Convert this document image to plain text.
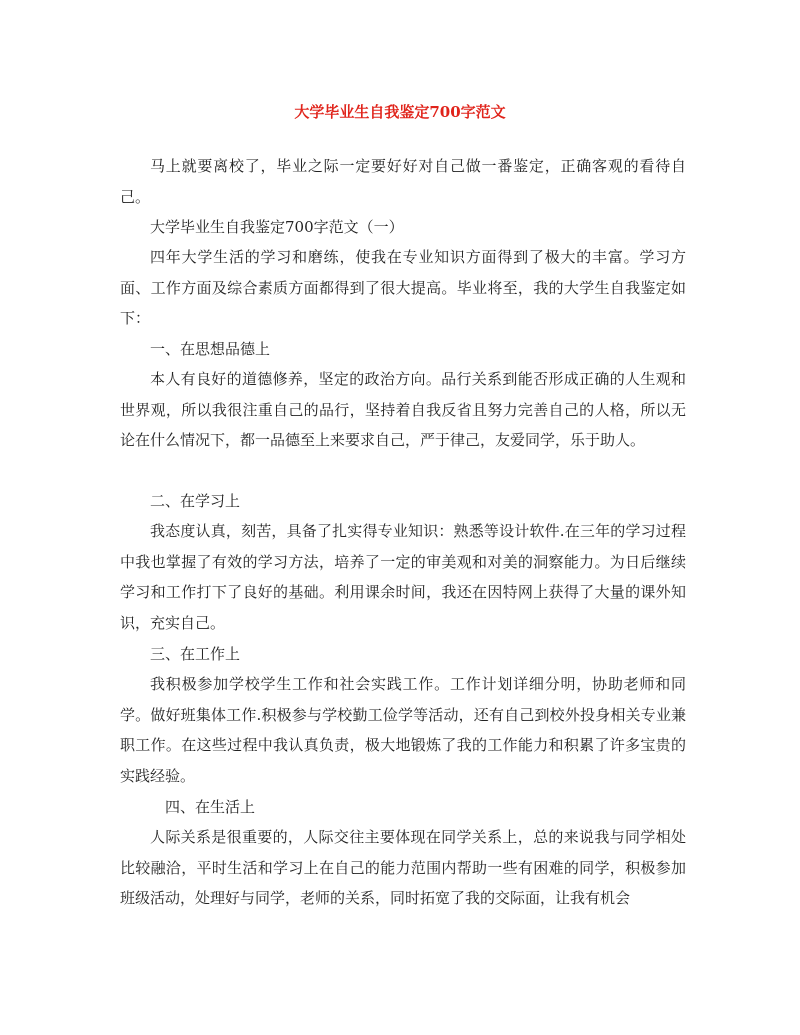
大学毕业生自我鉴定700字范文

马上就要离校了，毕业之际一定要好好对自己做一番鉴定，正确客观的看待自己。

大学毕业生自我鉴定700字范文（一）

四年大学生活的学习和磨练，使我在专业知识方面得到了极大的丰富。学习方面、工作方面及综合素质方面都得到了很大提高。毕业将至，我的大学生自我鉴定如下：

一、在思想品德上

本人有良好的道德修养，坚定的政治方向。品行关系到能否形成正确的人生观和世界观，所以我很注重自己的品行，坚持着自我反省且努力完善自己的人格，所以无论在什么情况下，都一品德至上来要求自己，严于律己，友爱同学，乐于助人。

二、在学习上

我态度认真，刻苦，具备了扎实得专业知识：熟悉等设计软件.在三年的学习过程中我也掌握了有效的学习方法，培养了一定的审美观和对美的洞察能力。为日后继续学习和工作打下了良好的基础。利用课余时间，我还在因特网上获得了大量的课外知识，充实自己。

三、在工作上

我积极参加学校学生工作和社会实践工作。工作计划详细分明，协助老师和同学。做好班集体工作.积极参与学校勤工俭学等活动，还有自己到校外投身相关专业兼职工作。在这些过程中我认真负责，极大地锻炼了我的工作能力和积累了许多宝贵的实践经验。

四、在生活上

人际关系是很重要的，人际交往主要体现在同学关系上，总的来说我与同学相处比较融洽，平时生活和学习上在自己的能力范围内帮助一些有困难的同学，积极参加班级活动，处理好与同学，老师的关系，同时拓宽了我的交际面，让我有机会
